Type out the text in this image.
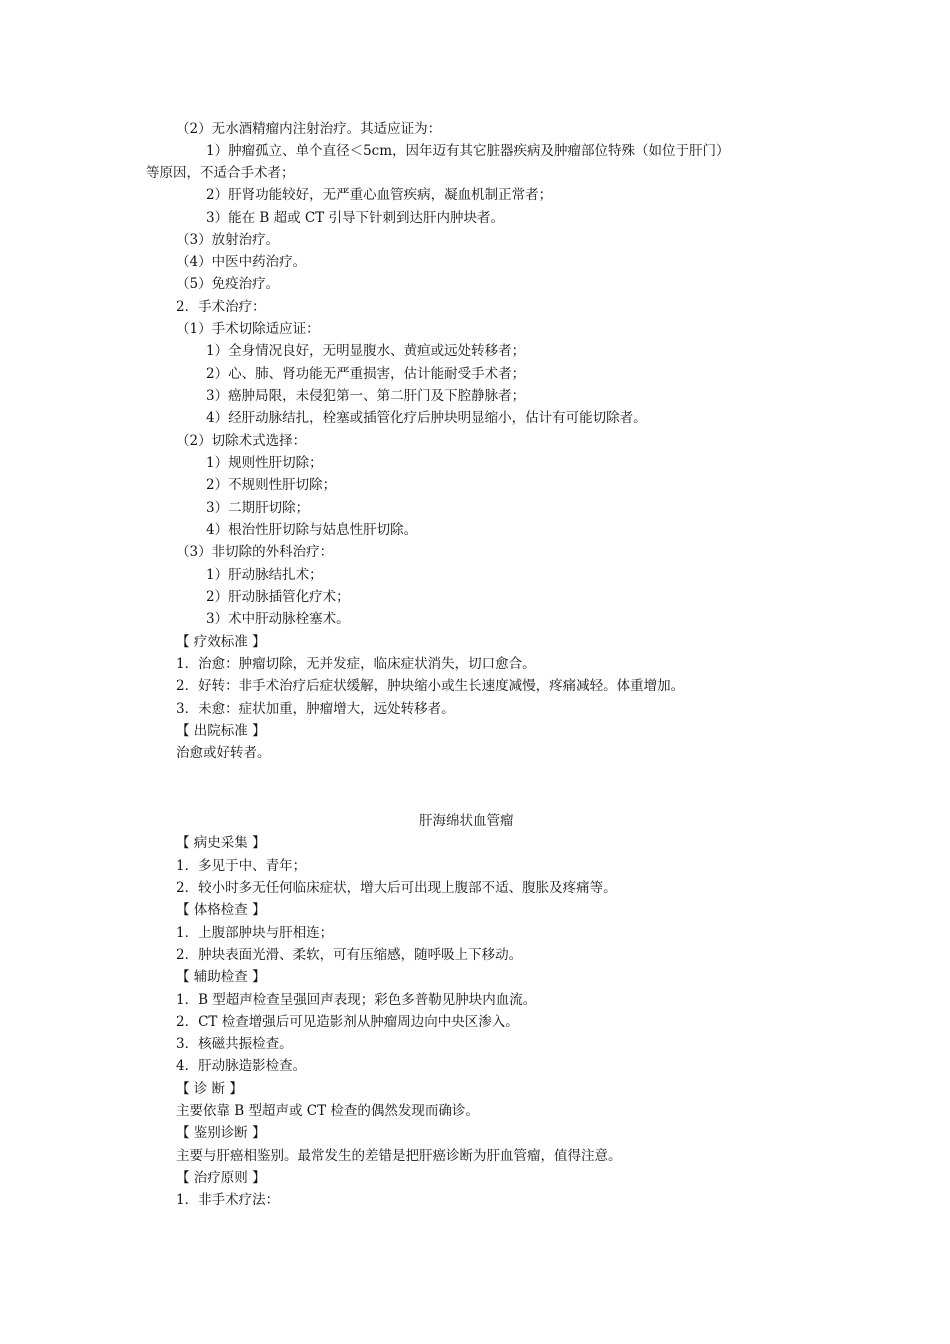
（2）无水酒精瘤内注射治疗。其适应证为：
1）肿瘤孤立、单个直径＜5cm，因年迈有其它脏器疾病及肿瘤部位特殊（如位于肝门）
等原因，不适合手术者；
2）肝肾功能较好，无严重心血管疾病，凝血机制正常者；
3）能在 B 超或 CT 引导下针刺到达肝内肿块者。
（3）放射治疗。
（4）中医中药治疗。
（5）免疫治疗。
2．手术治疗：
（1）手术切除适应证：
1）全身情况良好，无明显腹水、黄疸或远处转移者；
2）心、肺、肾功能无严重损害，估计能耐受手术者；
3）癌肿局限，未侵犯第一、第二肝门及下腔静脉者；
4）经肝动脉结扎，栓塞或插管化疗后肿块明显缩小，估计有可能切除者。
（2）切除术式选择：
1）规则性肝切除；
2）不规则性肝切除；
3）二期肝切除；
4）根治性肝切除与姑息性肝切除。
（3）非切除的外科治疗：
1）肝动脉结扎术；
2）肝动脉插管化疗术；
3）术中肝动脉栓塞术。
【 疗效标准 】
1．治愈：肿瘤切除，无并发症，临床症状消失，切口愈合。
2．好转：非手术治疗后症状缓解，肿块缩小或生长速度减慢，疼痛减轻。体重增加。
3．未愈：症状加重，肿瘤增大，远处转移者。
【 出院标准 】
治愈或好转者。
肝海绵状血管瘤
【 病史采集 】
1．多见于中、青年；
2．较小时多无任何临床症状，增大后可出现上腹部不适、腹胀及疼痛等。
【 体格检查 】
1．上腹部肿块与肝相连；
2．肿块表面光滑、柔软，可有压缩感，随呼吸上下移动。
【 辅助检查 】
1．B 型超声检查呈强回声表现；彩色多普勒见肿块内血流。
2．CT 检查增强后可见造影剂从肿瘤周边向中央区渗入。
3．核磁共振检查。
4．肝动脉造影检查。
【 诊 断 】
主要依靠 B 型超声或 CT 检查的偶然发现而确诊。
【 鉴别诊断 】
主要与肝癌相鉴别。最常发生的差错是把肝癌诊断为肝血管瘤，值得注意。
【 治疗原则 】
1．非手术疗法：
